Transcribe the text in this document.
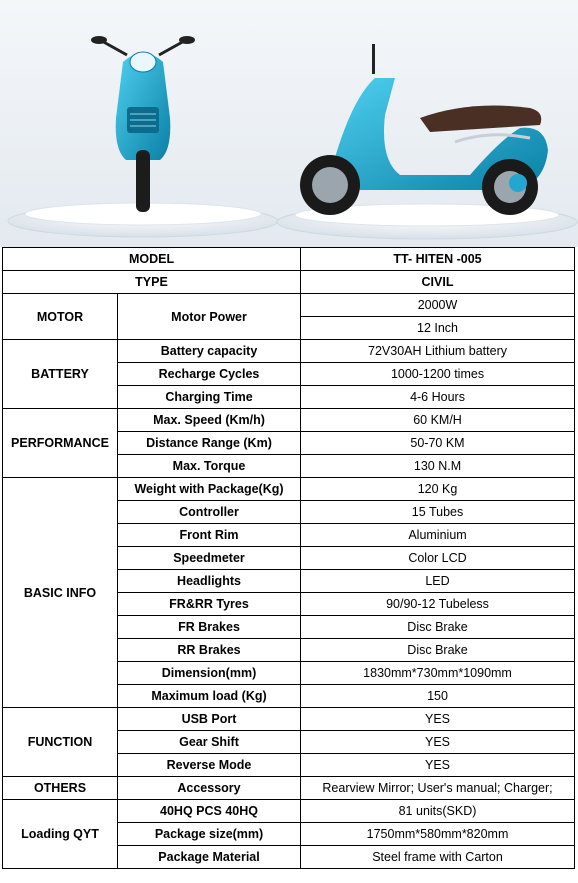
MODEL		TT- HITEN -005
TYPE		CIVIL
MOTOR	Motor Power	2000W
		12 Inch
BATTERY	Battery capacity	72V30AH Lithium battery
	Recharge Cycles	1000-1200 times
	Charging Time	4-6 Hours
PERFORMANCE	Max. Speed (Km/h)	60 KM/H
	Distance Range (Km)	50-70 KM
	Max. Torque	130 N.M
BASIC INFO	Weight with Package(Kg)	120 Kg
	Controller	15 Tubes
	Front Rim	Aluminium
	Speedmeter	Color LCD
	Headlights	LED
	FR&RR Tyres	90/90-12 Tubeless
	FR Brakes	Disc Brake
	RR Brakes	Disc Brake
	Dimension(mm)	1830mm*730mm*1090mm
	Maximum load (Kg)	150
FUNCTION	USB Port	YES
	Gear Shift	YES
	Reverse Mode	YES
OTHERS	Accessory	Rearview Mirror; User's manual; Charger;
Loading QYT	40HQ PCS 40HQ	81 units(SKD)
	Package size(mm)	1750mm*580mm*820mm
	Package Material	Steel frame with Carton
